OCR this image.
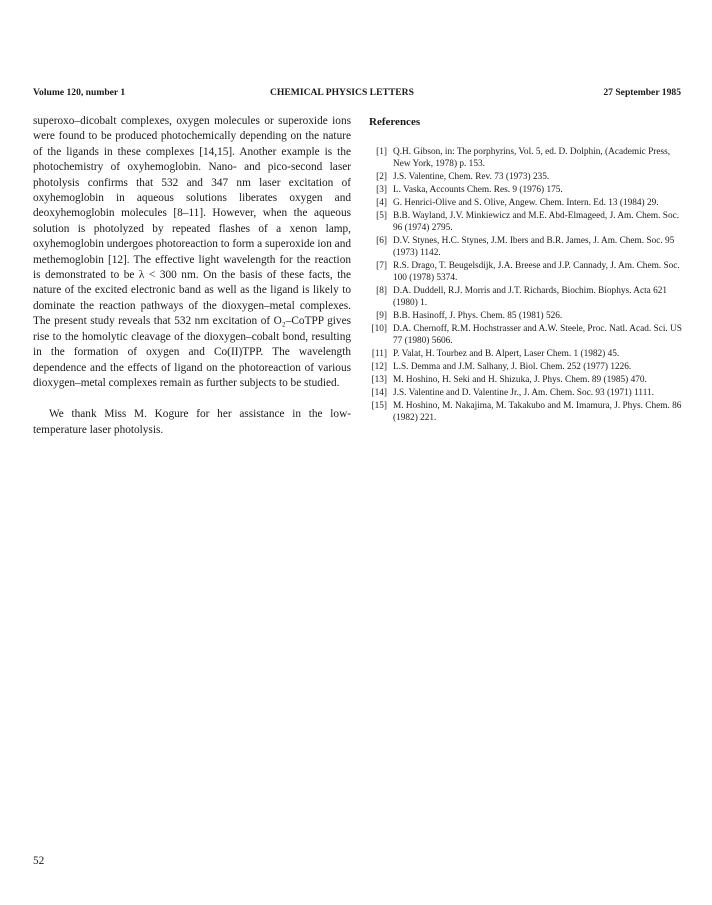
Volume 120, number 1	CHEMICAL PHYSICS LETTERS	27 September 1985

superoxo–dicobalt complexes, oxygen molecules or superoxide ions were found to be produced photochemically depending on the nature of the ligands in these complexes [14,15]. Another example is the photochemistry of oxyhemoglobin. Nano- and pico-second laser photolysis confirms that 532 and 347 nm laser excitation of oxyhemoglobin in aqueous solutions liberates oxygen and deoxyhemoglobin molecules [8–11]. However, when the aqueous solution is photolyzed by repeated flashes of a xenon lamp, oxyhemoglobin undergoes photoreaction to form a superoxide ion and methemoglobin [12]. The effective light wavelength for the reaction is demonstrated to be λ < 300 nm. On the basis of these facts, the nature of the excited electronic band as well as the ligand is likely to dominate the reaction pathways of the dioxygen–metal complexes. The present study reveals that 532 nm excitation of O₂–CoTPP gives rise to the homolytic cleavage of the dioxygen–cobalt bond, resulting in the formation of oxygen and Co(II)TPP. The wavelength dependence and the effects of ligand on the photoreaction of various dioxygen–metal complexes remain as further subjects to be studied.

We thank Miss M. Kogure for her assistance in the low-temperature laser photolysis.

References
[1] Q.H. Gibson, in: The porphyrins, Vol. 5, ed. D. Dolphin, (Academic Press, New York, 1978) p. 153.
[2] J.S. Valentine, Chem. Rev. 73 (1973) 235.
[3] L. Vaska, Accounts Chem. Res. 9 (1976) 175.
[4] G. Henrici-Olive and S. Olive, Angew. Chem. Intern. Ed. 13 (1984) 29.
[5] B.B. Wayland, J.V. Minkiewicz and M.E. Abd-Elmageed, J. Am. Chem. Soc. 96 (1974) 2795.
[6] D.V. Stynes, H.C. Stynes, J.M. Ibers and B.R. James, J. Am. Chem. Soc. 95 (1973) 1142.
[7] R.S. Drago, T. Beugelsdijk, J.A. Breese and J.P. Cannady, J. Am. Chem. Soc. 100 (1978) 5374.
[8] D.A. Duddell, R.J. Morris and J.T. Richards, Biochim. Biophys. Acta 621 (1980) 1.
[9] B.B. Hasinoff, J. Phys. Chem. 85 (1981) 526.
[10] D.A. Chernoff, R.M. Hochstrasser and A.W. Steele, Proc. Natl. Acad. Sci. US 77 (1980) 5606.
[11] P. Valat, H. Tourbez and B. Alpert, Laser Chem. 1 (1982) 45.
[12] L.S. Demma and J.M. Salhany, J. Biol. Chem. 252 (1977) 1226.
[13] M. Hoshino, H. Seki and H. Shizuka, J. Phys. Chem. 89 (1985) 470.
[14] J.S. Valentine and D. Valentine Jr., J. Am. Chem. Soc. 93 (1971) 1111.
[15] M. Hoshino, M. Nakajima, M. Takakubo and M. Imamura, J. Phys. Chem. 86 (1982) 221.
52
